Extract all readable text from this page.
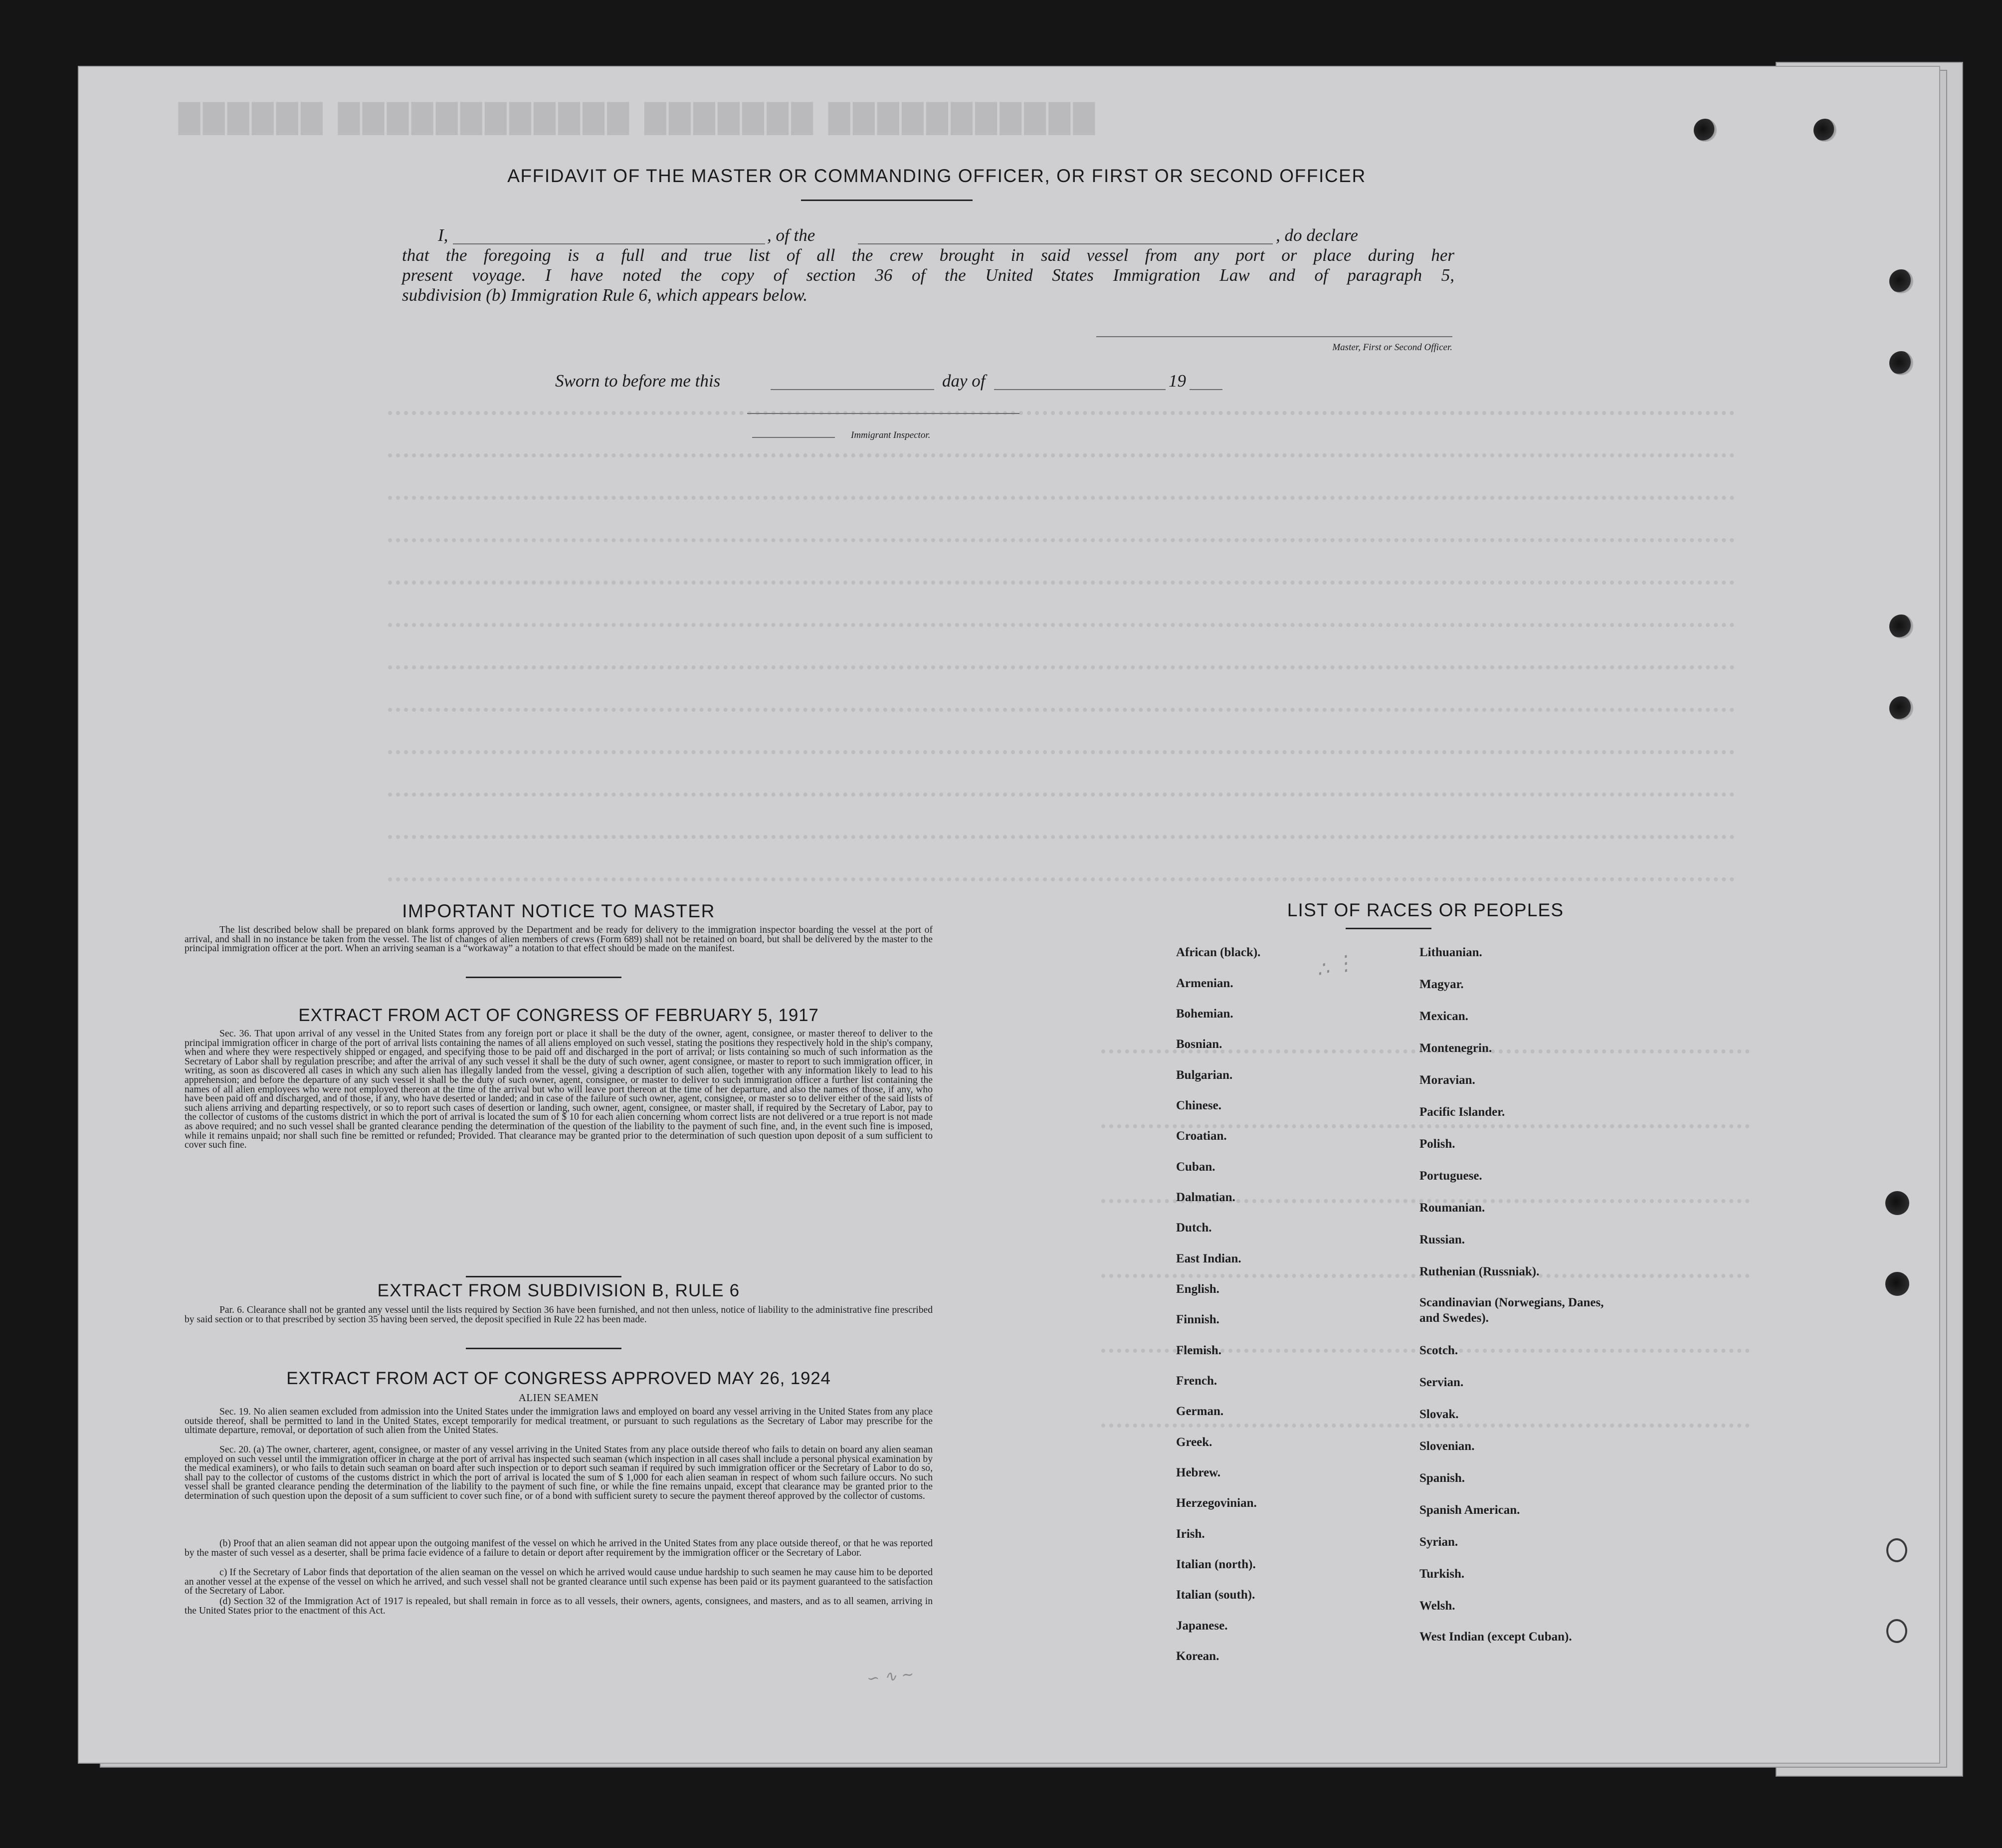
██████ ████████████ ███████ ███████████
AFFIDAVIT OF THE MASTER OR COMMANDING OFFICER, OR FIRST OR SECOND OFFICER
I,	, of the	, do declare
that the foregoing is a full and true list of all the crew brought in said vessel from any port or place during her
present voyage. I have noted the copy of section 36 of the United States Immigration Law and of paragraph 5,
subdivision (b) Immigration Rule 6, which appears below.
Master, First or Second Officer.
Sworn to before me this	day of	19
Immigrant Inspector.
IMPORTANT NOTICE TO MASTER
The list described below shall be prepared on blank forms approved by the Department and be ready for delivery to the immigration inspector boarding the vessel at the port of arrival, and shall in no instance be taken from the vessel. The list of changes of alien members of crews (Form 689) shall not be retained on board, but shall be delivered by the master to the principal immigration officer at the port. When an arriving seaman is a “workaway” a notation to that effect should be made on the manifest.
EXTRACT FROM ACT OF CONGRESS OF FEBRUARY 5, 1917
Sec. 36. That upon arrival of any vessel in the United States from any foreign port or place it shall be the duty of the owner, agent, consignee, or master thereof to deliver to the principal immigration officer in charge of the port of arrival lists containing the names of all aliens employed on such vessel, stating the positions they respectively hold in the ship's company, when and where they were respectively shipped or engaged, and specifying those to be paid off and discharged in the port of arrival; or lists containing so much of such information as the Secretary of Labor shall by regulation prescribe; and after the arrival of any such vessel it shall be the duty of such owner, agent consignee, or master to report to such immigration officer, in writing, as soon as discovered all cases in which any such alien has illegally landed from the vessel, giving a description of such alien, together with any information likely to lead to his apprehension; and before the departure of any such vessel it shall be the duty of such owner, agent, consignee, or master to deliver to such immigration officer a further list containing the names of all alien employees who were not employed thereon at the time of the arrival but who will leave port thereon at the time of her departure, and also the names of those, if any, who have been paid off and discharged, and of those, if any, who have deserted or landed; and in case of the failure of such owner, agent, consignee, or master so to deliver either of the said lists of such aliens arriving and departing respectively, or so to report such cases of desertion or landing, such owner, agent, consignee, or master shall, if required by the Secretary of Labor, pay to the collector of customs of the customs district in which the port of arrival is located the sum of $ 10 for each alien concerning whom correct lists are not delivered or a true report is not made as above required; and no such vessel shall be granted clearance pending the determination of the question of the liability to the payment of such fine, and, in the event such fine is imposed, while it remains unpaid; nor shall such fine be remitted or refunded; Provided. That clearance may be granted prior to the determination of such question upon deposit of a sum sufficient to cover such fine.
EXTRACT FROM SUBDIVISION B, RULE 6
Par. 6. Clearance shall not be granted any vessel until the lists required by Section 36 have been furnished, and not then unless, notice of liability to the administrative fine prescribed by said section or to that prescribed by section 35 having been served, the deposit specified in Rule 22 has been made.
EXTRACT FROM ACT OF CONGRESS APPROVED MAY 26, 1924
ALIEN SEAMEN
Sec. 19. No alien seamen excluded from admission into the United States under the immigration laws and employed on board any vessel arriving in the United States from any place outside thereof, shall be permitted to land in the United States, except temporarily for medical treatment, or pursuant to such regulations as the Secretary of Labor may prescribe for the ultimate departure, removal, or deportation of such alien from the United States.
Sec. 20. (a) The owner, charterer, agent, consignee, or master of any vessel arriving in the United States from any place outside thereof who fails to detain on board any alien seaman employed on such vessel until the immigration officer in charge at the port of arrival has inspected such seaman (which inspection in all cases shall include a personal physical examination by the medical examiners), or who fails to detain such seaman on board after such inspection or to deport such seaman if required by such immigration officer or the Secretary of Labor to do so, shall pay to the collector of customs of the customs district in which the port of arrival is located the sum of $ 1,000 for each alien seaman in respect of whom such failure occurs. No such vessel shall be granted clearance pending the determination of the liability to the payment of such fine, or while the fine remains unpaid, except that clearance may be granted prior to the determination of such question upon the deposit of a sum sufficient to cover such fine, or of a bond with sufficient surety to secure the payment thereof approved by the collector of customs.
(b) Proof that an alien seaman did not appear upon the outgoing manifest of the vessel on which he arrived in the United States from any place outside thereof, or that he was reported by the master of such vessel as a deserter, shall be prima facie evidence of a failure to detain or deport after requirement by the immigration officer or the Secretary of Labor.
c) If the Secretary of Labor finds that deportation of the alien seaman on the vessel on which he arrived would cause undue hardship to such seamen he may cause him to be deported an another vessel at the expense of the vessel on which he arrived, and such vessel shall not be granted clearance until such expense has been paid or its payment guaranteed to the satisfaction of the Secretary of Labor.
(d) Section 32 of the Immigration Act of 1917 is repealed, but shall remain in force as to all vessels, their owners, agents, consignees, and masters, and as to all seamen, arriving in the United States prior to the enactment of this Act.
LIST OF RACES OR PEOPLES
African (black).
Armenian.
Bohemian.
Bosnian.
Bulgarian.
Chinese.
Croatian.
Cuban.
Dalmatian.
Dutch.
East Indian.
English.
Finnish.
Flemish.
French.
German.
Greek.
Hebrew.
Herzegovinian.
Irish.
Italian (north).
Italian (south).
Japanese.
Korean.
Lithuanian.
Magyar.
Mexican.
Montenegrin.
Moravian.
Pacific Islander.
Polish.
Portuguese.
Roumanian.
Russian.
Ruthenian (Russniak).
Scandinavian (Norwegians, Danes, and Swedes).
Scotch.
Servian.
Slovak.
Slovenian.
Spanish.
Spanish American.
Syrian.
Turkish.
Welsh.
West Indian (except Cuban).
∴ ⋮
∽ ∿ ∼
